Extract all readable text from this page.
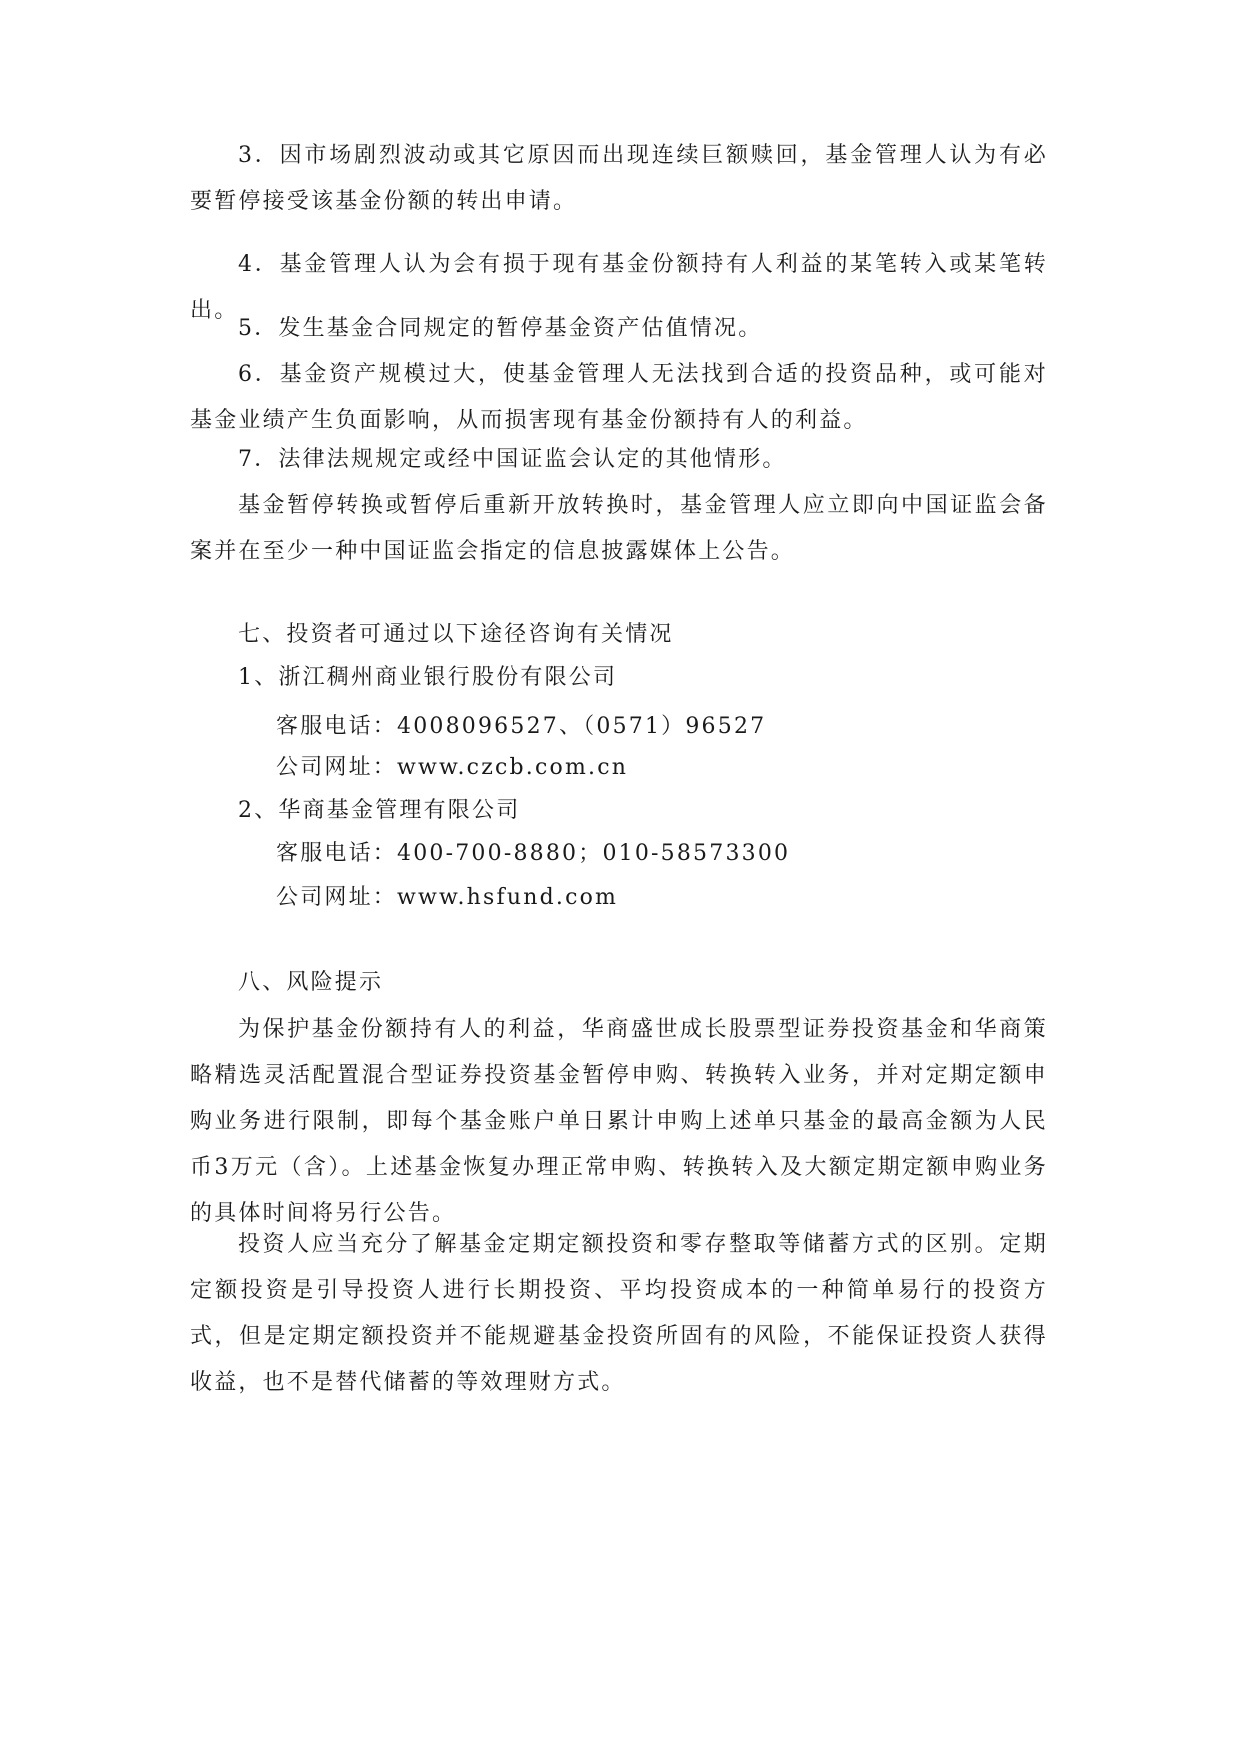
3．因市场剧烈波动或其它原因而出现连续巨额赎回，基金管理人认为有必要暂停接受该基金份额的转出申请。

4．基金管理人认为会有损于现有基金份额持有人利益的某笔转入或某笔转出。

5．发生基金合同规定的暂停基金资产估值情况。

6．基金资产规模过大，使基金管理人无法找到合适的投资品种，或可能对基金业绩产生负面影响，从而损害现有基金份额持有人的利益。

7．法律法规规定或经中国证监会认定的其他情形。

基金暂停转换或暂停后重新开放转换时，基金管理人应立即向中国证监会备案并在至少一种中国证监会指定的信息披露媒体上公告。

七、投资者可通过以下途径咨询有关情况
1、浙江稠州商业银行股份有限公司
客服电话：4008096527、（0571）96527
公司网址：www.czcb.com.cn
2、华商基金管理有限公司
客服电话：400-700-8880；010-58573300
公司网址：www.hsfund.com
八、风险提示

为保护基金份额持有人的利益，华商盛世成长股票型证券投资基金和华商策略精选灵活配置混合型证券投资基金暂停申购、转换转入业务，并对定期定额申购业务进行限制，即每个基金账户单日累计申购上述单只基金的最高金额为人民币3万元（含）。上述基金恢复办理正常申购、转换转入及大额定期定额申购业务的具体时间将另行公告。

投资人应当充分了解基金定期定额投资和零存整取等储蓄方式的区别。定期定额投资是引导投资人进行长期投资、平均投资成本的一种简单易行的投资方式，但是定期定额投资并不能规避基金投资所固有的风险，不能保证投资人获得收益，也不是替代储蓄的等效理财方式。
